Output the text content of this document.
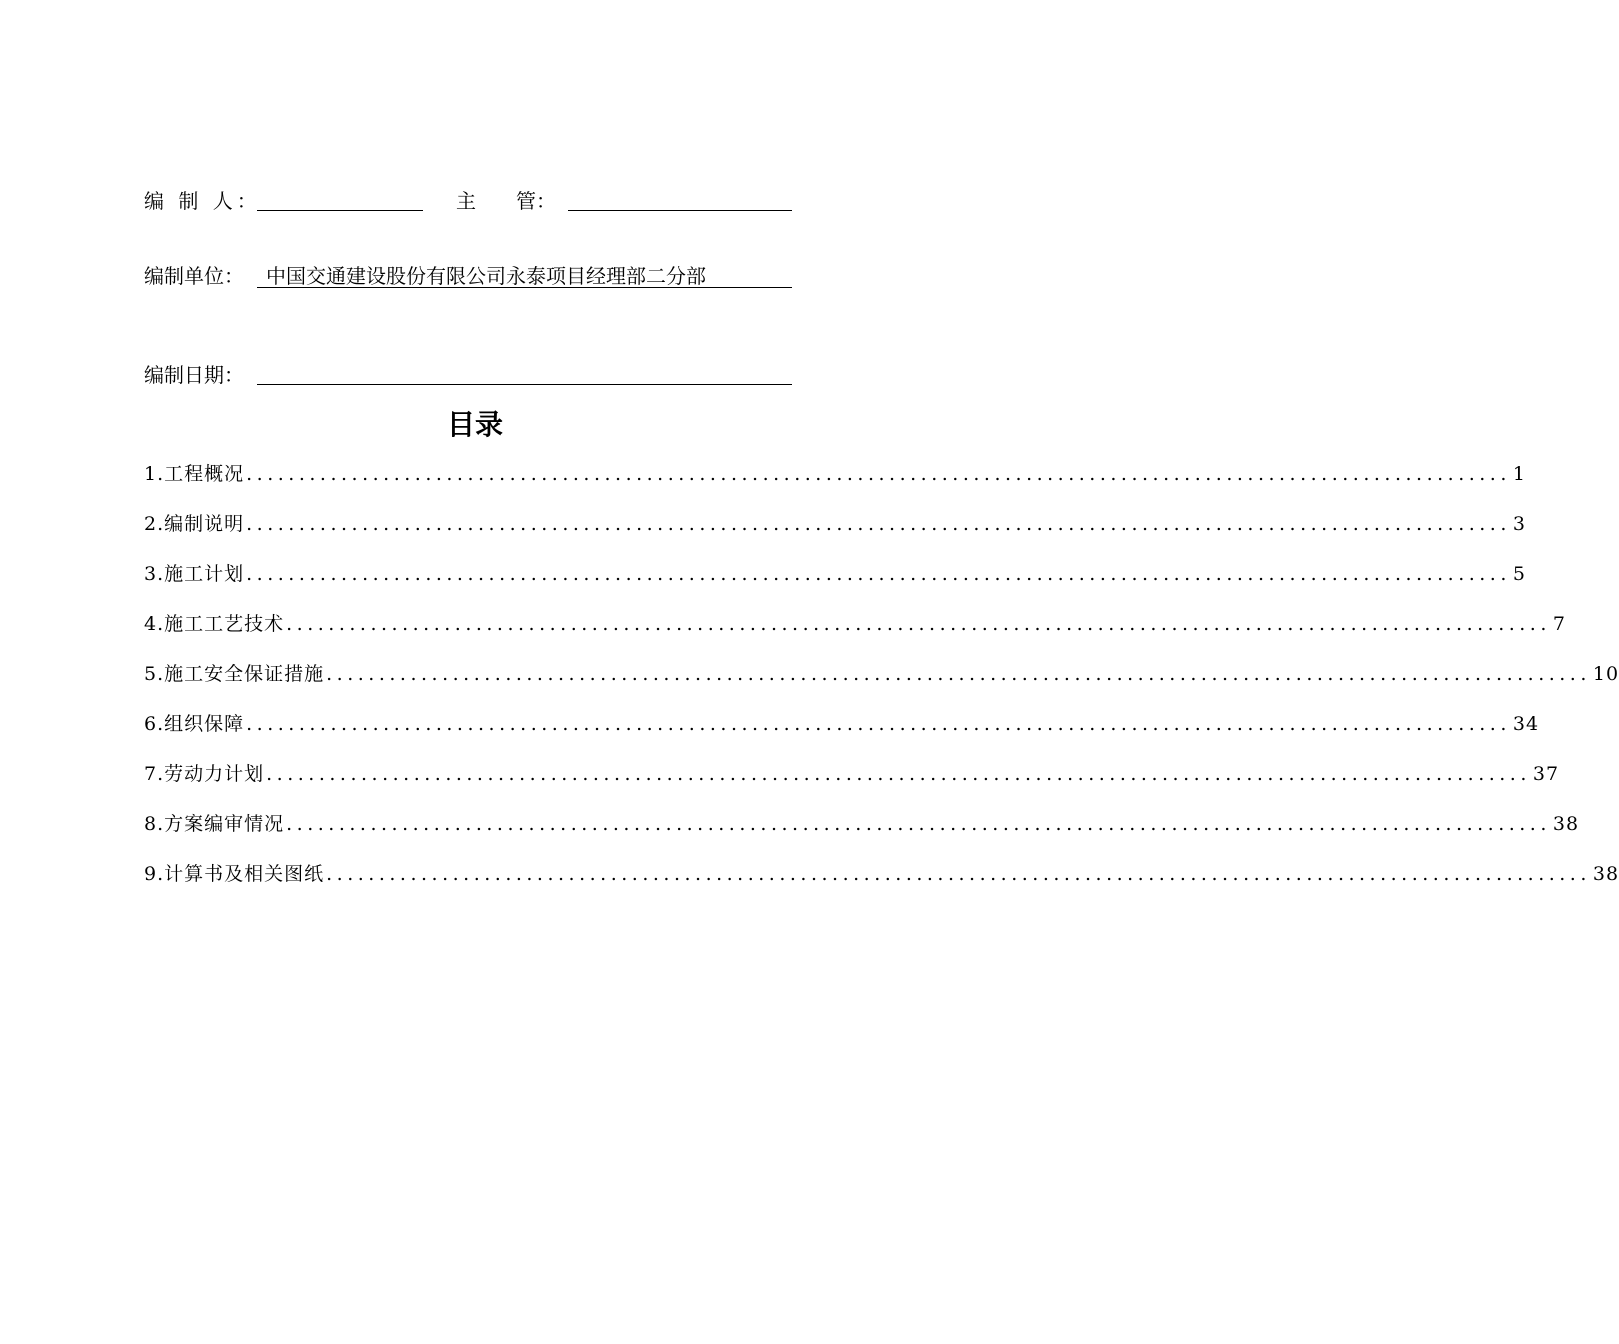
编 制 人：	主　　管：
编制单位： 中国交通建设股份有限公司永泰项目经理部二分部
编制日期：
目录
1.工程概况 ........................................................................................................................ 1
2.编制说明 ........................................................................................................................ 3
3.施工计划 ........................................................................................................................ 5
4.施工工艺技术 ........................................................................................................................ 7
5.施工安全保证措施 ........................................................................................................................ 10
6.组织保障 ........................................................................................................................ 34
7.劳动力计划 ........................................................................................................................ 37
8.方案编审情况 ........................................................................................................................ 38
9.计算书及相关图纸 ........................................................................................................................ 38
